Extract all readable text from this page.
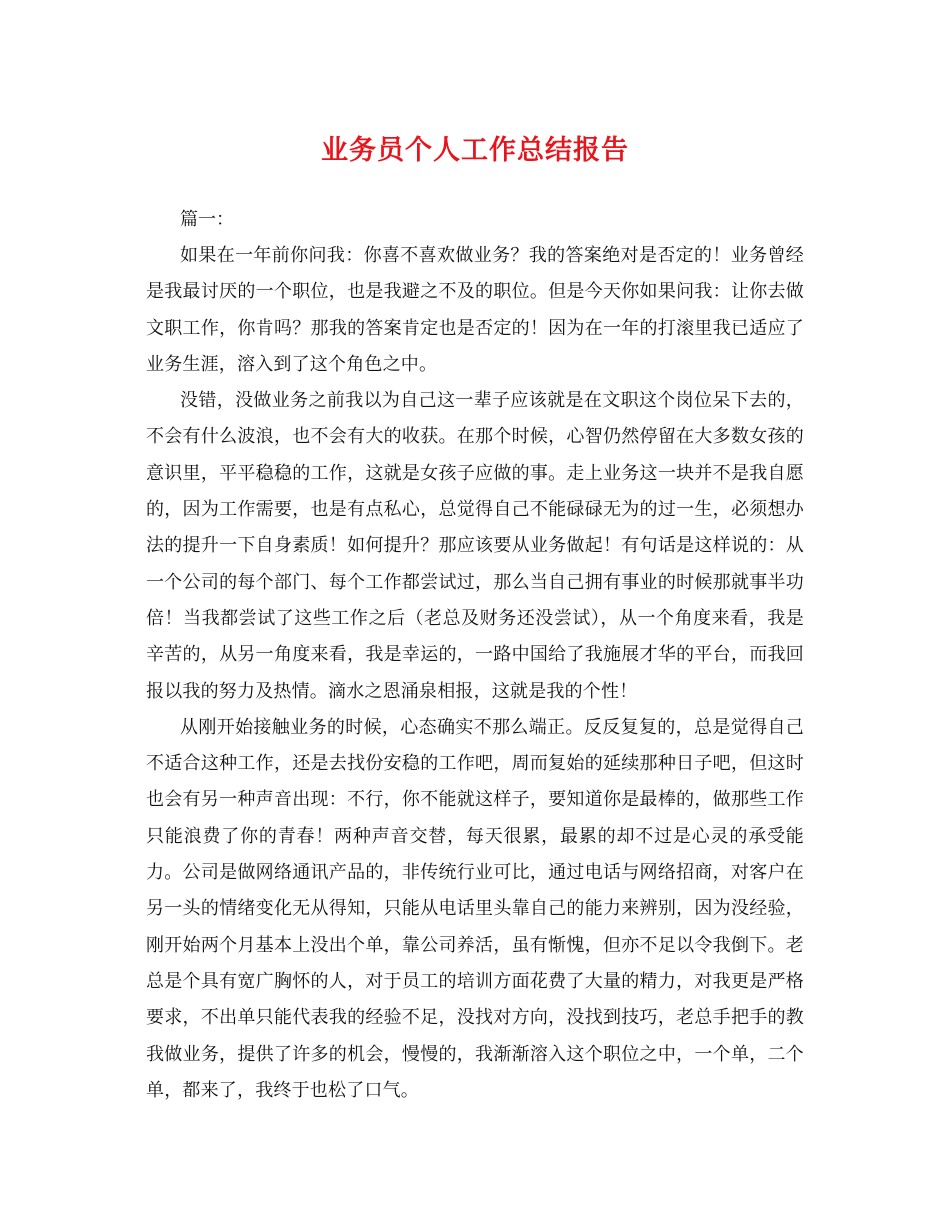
业务员个人工作总结报告

篇一：

如果在一年前你问我：你喜不喜欢做业务？我的答案绝对是否定的！业务曾经是我最讨厌的一个职位，也是我避之不及的职位。但是今天你如果问我：让你去做文职工作，你肯吗？那我的答案肯定也是否定的！因为在一年的打滚里我已适应了业务生涯，溶入到了这个角色之中。

没错，没做业务之前我以为自己这一辈子应该就是在文职这个岗位呆下去的，不会有什么波浪，也不会有大的收获。在那个时候，心智仍然停留在大多数女孩的意识里，平平稳稳的工作，这就是女孩子应做的事。走上业务这一块并不是我自愿的，因为工作需要，也是有点私心，总觉得自己不能碌碌无为的过一生，必须想办法的提升一下自身素质！如何提升？那应该要从业务做起！有句话是这样说的：从一个公司的每个部门、每个工作都尝试过，那么当自己拥有事业的时候那就事半功倍！当我都尝试了这些工作之后（老总及财务还没尝试），从一个角度来看，我是辛苦的，从另一角度来看，我是幸运的，一路中国给了我施展才华的平台，而我回报以我的努力及热情。滴水之恩涌泉相报，这就是我的个性！

从刚开始接触业务的时候，心态确实不那么端正。反反复复的，总是觉得自己不适合这种工作，还是去找份安稳的工作吧，周而复始的延续那种日子吧，但这时也会有另一种声音出现：不行，你不能就这样子，要知道你是最棒的，做那些工作只能浪费了你的青春！两种声音交替，每天很累，最累的却不过是心灵的承受能力。公司是做网络通讯产品的，非传统行业可比，通过电话与网络招商，对客户在另一头的情绪变化无从得知，只能从电话里头靠自己的能力来辨别，因为没经验，刚开始两个月基本上没出个单，靠公司养活，虽有惭愧，但亦不足以令我倒下。老总是个具有宽广胸怀的人，对于员工的培训方面花费了大量的精力，对我更是严格要求，不出单只能代表我的经验不足，没找对方向，没找到技巧，老总手把手的教我做业务，提供了许多的机会，慢慢的，我渐渐溶入这个职位之中，一个单，二个单，都来了，我终于也松了口气。
